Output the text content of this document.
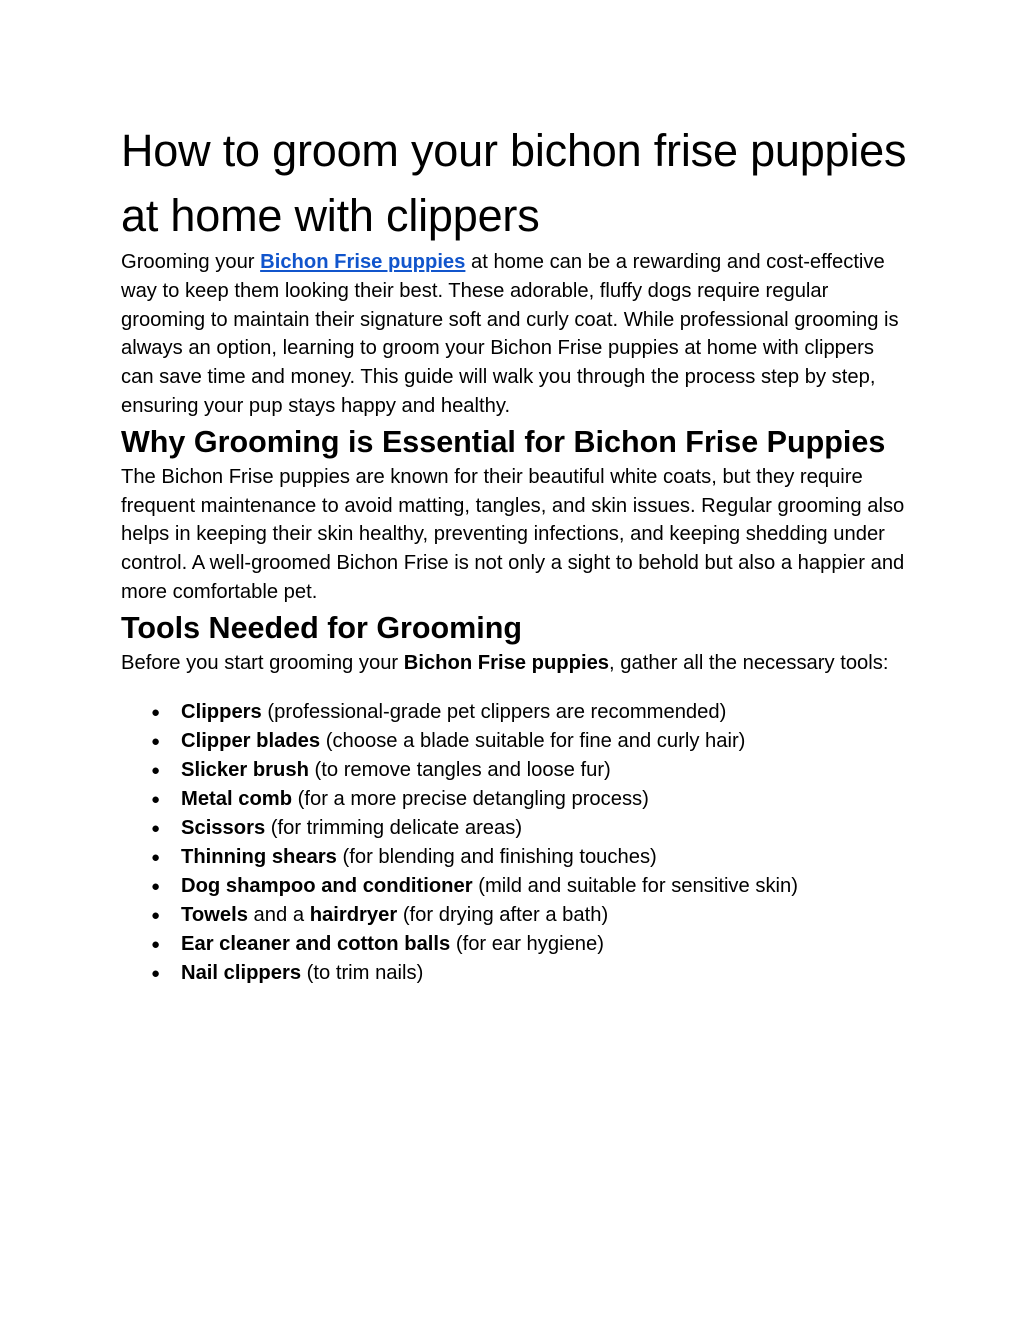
How to groom your bichon frise puppies at home with clippers

Grooming your Bichon Frise puppies at home can be a rewarding and cost-effective way to keep them looking their best. These adorable, fluffy dogs require regular grooming to maintain their signature soft and curly coat. While professional grooming is always an option, learning to groom your Bichon Frise puppies at home with clippers can save time and money. This guide will walk you through the process step by step, ensuring your pup stays happy and healthy.

Why Grooming is Essential for Bichon Frise Puppies

The Bichon Frise puppies are known for their beautiful white coats, but they require frequent maintenance to avoid matting, tangles, and skin issues. Regular grooming also helps in keeping their skin healthy, preventing infections, and keeping shedding under control. A well-groomed Bichon Frise is not only a sight to behold but also a happier and more comfortable pet.

Tools Needed for Grooming

Before you start grooming your Bichon Frise puppies, gather all the necessary tools:

● Clippers (professional-grade pet clippers are recommended)
● Clipper blades (choose a blade suitable for fine and curly hair)
● Slicker brush (to remove tangles and loose fur)
● Metal comb (for a more precise detangling process)
● Scissors (for trimming delicate areas)
● Thinning shears (for blending and finishing touches)
● Dog shampoo and conditioner (mild and suitable for sensitive skin)
● Towels and a hairdryer (for drying after a bath)
● Ear cleaner and cotton balls (for ear hygiene)
● Nail clippers (to trim nails)
